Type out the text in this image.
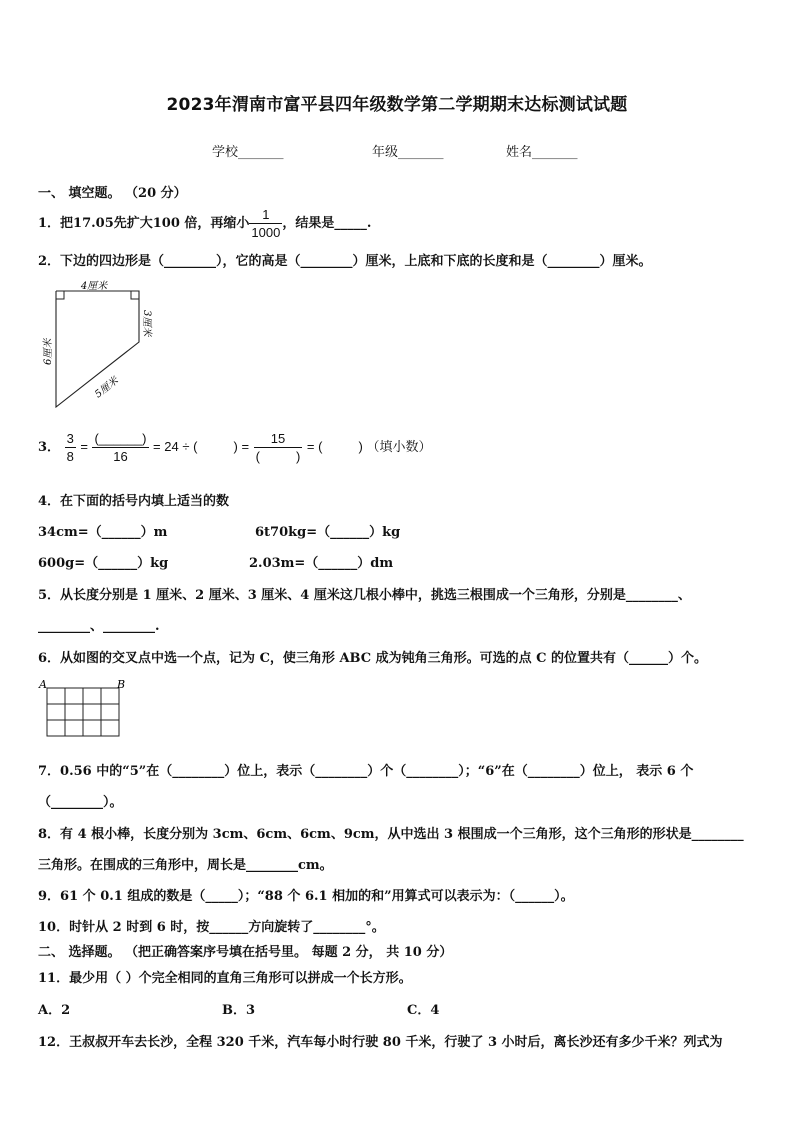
2023年渭南市富平县四年级数学第二学期期末达标测试试题
学校_______	年级_______	姓名_______
一、 填空题。 （20 分）
1．把17.05先扩大100 倍，再缩小 $\frac{1}{1000}$ ，结果是_____.
2．下边的四边形是（________），它的高是（________）厘米，上底和下底的长度和是（________）厘米。
4厘米
3厘米
6厘米
5厘米
3． $\frac{3}{8} = \frac{(\_\_\_\_\_\_)}{16} = 24$ ÷ (          ) = $\frac{15}{( )}$ = (          ) （填小数）
4．在下面的括号内填上适当的数
34cm=（______）m	6t70kg=（______）kg
600g=（______）kg	2.03m=（______）dm
5．从长度分别是 1 厘米、2 厘米、3 厘米、4 厘米这几根小棒中，挑选三根围成一个三角形，分别是________、
________、________.
6．从如图的交叉点中选一个点，记为 C，使三角形 ABC 成为钝角三角形。可选的点 C 的位置共有（______）个。
A	B
7．0.56 中的“5”在（________）位上，表示（________）个（________）；“6”在（________）位上， 表示 6 个
（________）。
8．有 4 根小棒，长度分别为 3cm、6cm、6cm、9cm，从中选出 3 根围成一个三角形，这个三角形的形状是________
三角形。在围成的三角形中，周长是________cm。
9．61 个 0.1 组成的数是（_____）；“88 个 6.1 相加的和”用算式可以表示为：（______）。
10．时针从 2 时到 6 时，按______方向旋转了________°。
二、 选择题。 （把正确答案序号填在括号里。 每题 2 分， 共 10 分）
11．最少用（ ）个完全相同的直角三角形可以拼成一个长方形。
A．2	B．3	C．4
12．王叔叔开车去长沙，全程 320 千米，汽车每小时行驶 80 千米，行驶了 3 小时后，离长沙还有多少千米？列式为
